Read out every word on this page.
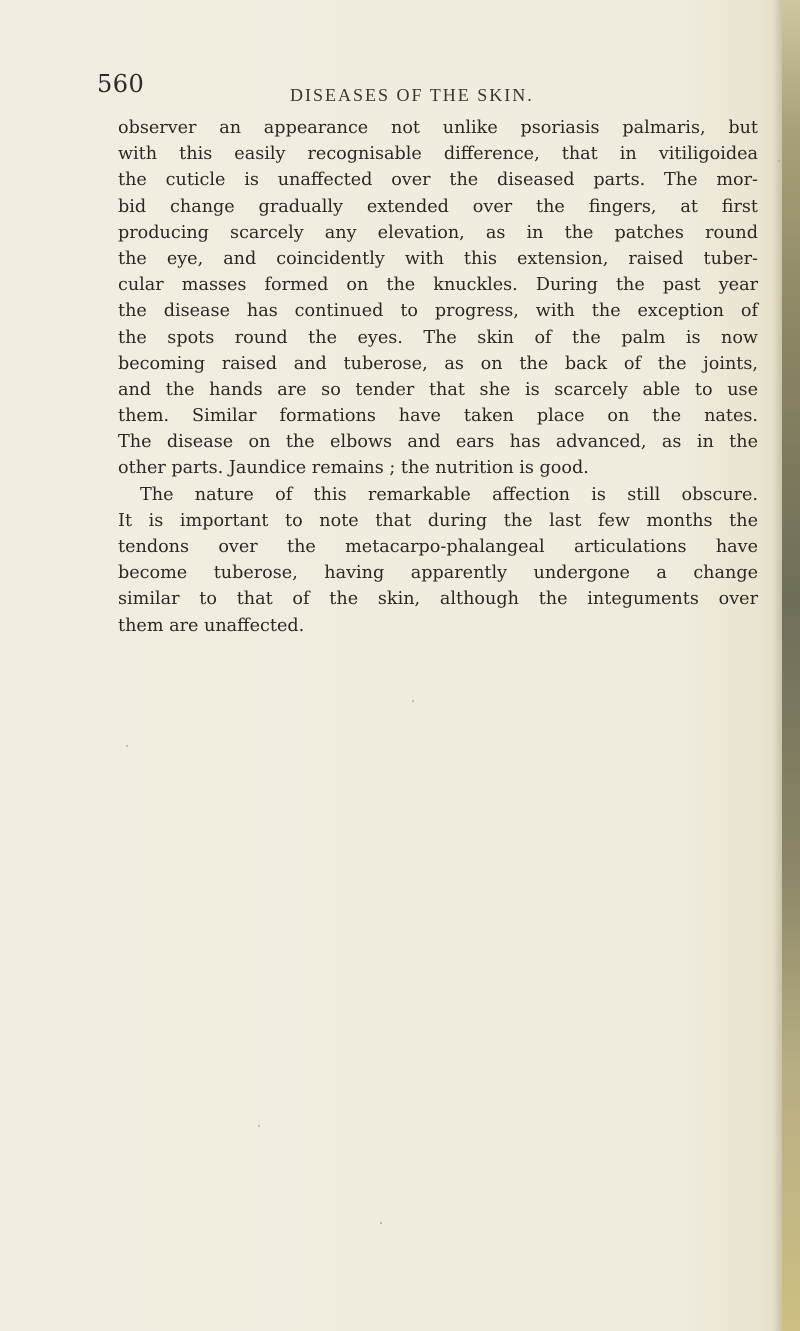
560	DISEASES OF THE SKIN.
observer an appearance not unlike psoriasis palmaris, but
with this easily recognisable difference, that in vitiligoidea
the cuticle is unaffected over the diseased parts. The mor-
bid change gradually extended over the fingers, at first
producing scarcely any elevation, as in the patches round
the eye, and coincidently with this extension, raised tuber-
cular masses formed on the knuckles. During the past year
the disease has continued to progress, with the exception of
the spots round the eyes. The skin of the palm is now
becoming raised and tuberose, as on the back of the joints,
and the hands are so tender that she is scarcely able to use
them. Similar formations have taken place on the nates.
The disease on the elbows and ears has advanced, as in the
other parts. Jaundice remains ; the nutrition is good.
The nature of this remarkable affection is still obscure.
It is important to note that during the last few months the
tendons over the metacarpo-phalangeal articulations have
become tuberose, having apparently undergone a change
similar to that of the skin, although the integuments over
them are unaffected.
